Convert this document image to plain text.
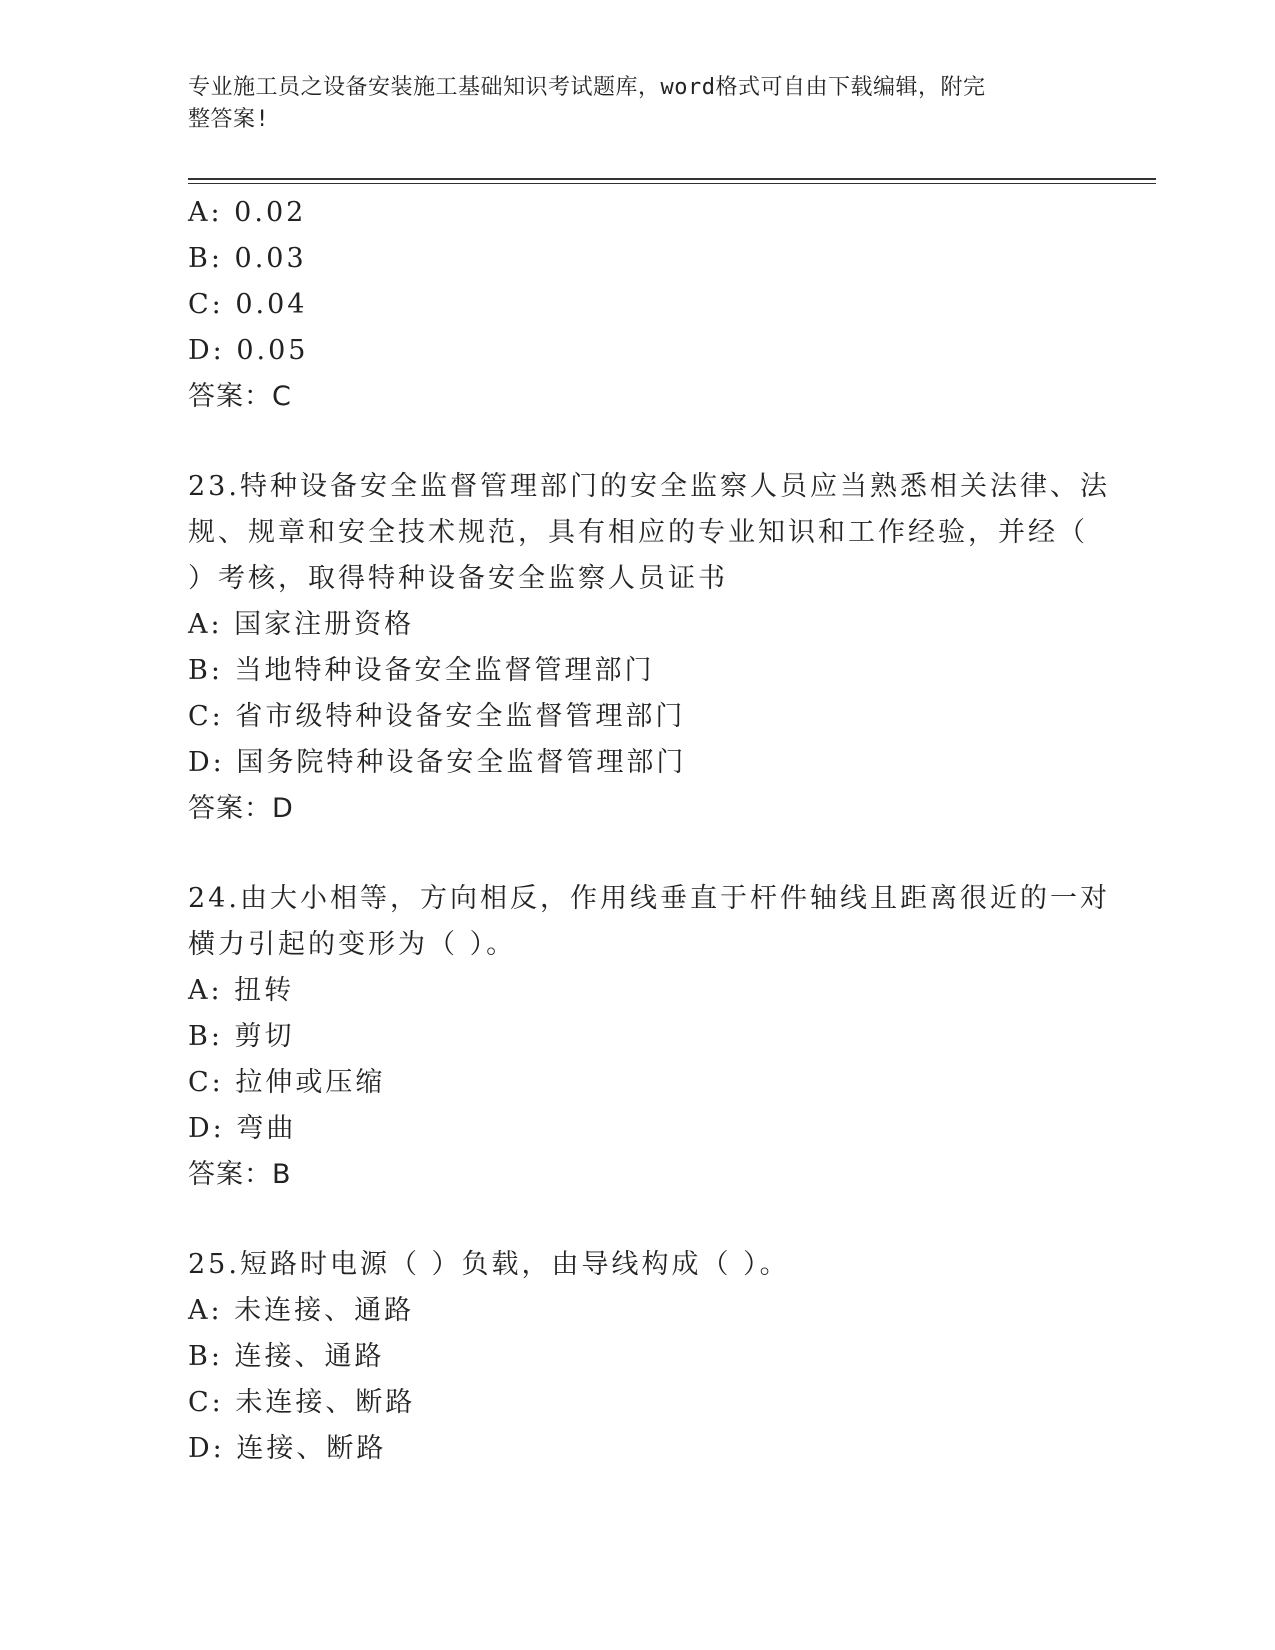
专业施工员之设备安装施工基础知识考试题库，word格式可自由下载编辑，附完
整答案!
A: 0.02
B: 0.03
C: 0.04
D: 0.05
答案：C
23.特种设备安全监督管理部门的安全监察人员应当熟悉相关法律、法
规、规章和安全技术规范，具有相应的专业知识和工作经验，并经（
）考核，取得特种设备安全监察人员证书
A: 国家注册资格
B: 当地特种设备安全监督管理部门
C: 省市级特种设备安全监督管理部门
D: 国务院特种设备安全监督管理部门
答案：D
24.由大小相等，方向相反，作用线垂直于杆件轴线且距离很近的一对
横力引起的变形为（ ）。
A: 扭转
B: 剪切
C: 拉伸或压缩
D: 弯曲
答案：B
25.短路时电源（ ）负载，由导线构成（ ）。
A: 未连接、通路
B: 连接、通路
C: 未连接、断路
D: 连接、断路
